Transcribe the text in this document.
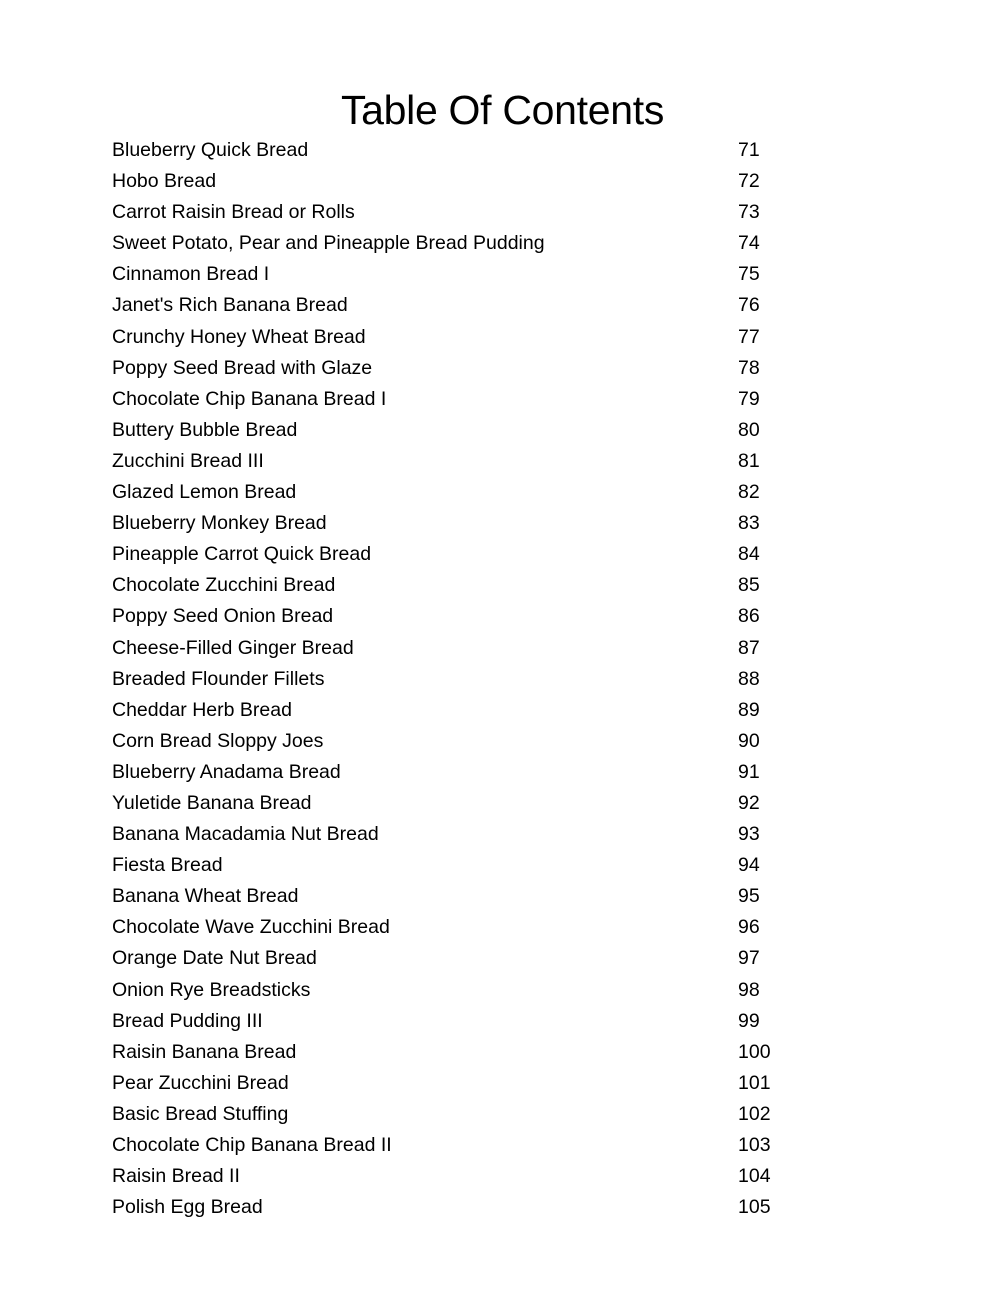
Table Of Contents
Blueberry Quick Bread	71
Hobo Bread	72
Carrot Raisin Bread or Rolls	73
Sweet Potato, Pear and Pineapple Bread Pudding	74
Cinnamon Bread I	75
Janet's Rich Banana Bread	76
Crunchy Honey Wheat Bread	77
Poppy Seed Bread with Glaze	78
Chocolate Chip Banana Bread I	79
Buttery Bubble Bread	80
Zucchini Bread III	81
Glazed Lemon Bread	82
Blueberry Monkey Bread	83
Pineapple Carrot Quick Bread	84
Chocolate Zucchini Bread	85
Poppy Seed Onion Bread	86
Cheese-Filled Ginger Bread	87
Breaded Flounder Fillets	88
Cheddar Herb Bread	89
Corn Bread Sloppy Joes	90
Blueberry Anadama Bread	91
Yuletide Banana Bread	92
Banana Macadamia Nut Bread	93
Fiesta Bread	94
Banana Wheat Bread	95
Chocolate Wave Zucchini Bread	96
Orange Date Nut Bread	97
Onion Rye Breadsticks	98
Bread Pudding III	99
Raisin Banana Bread	100
Pear Zucchini Bread	101
Basic Bread Stuffing	102
Chocolate Chip Banana Bread II	103
Raisin Bread II	104
Polish Egg Bread	105
